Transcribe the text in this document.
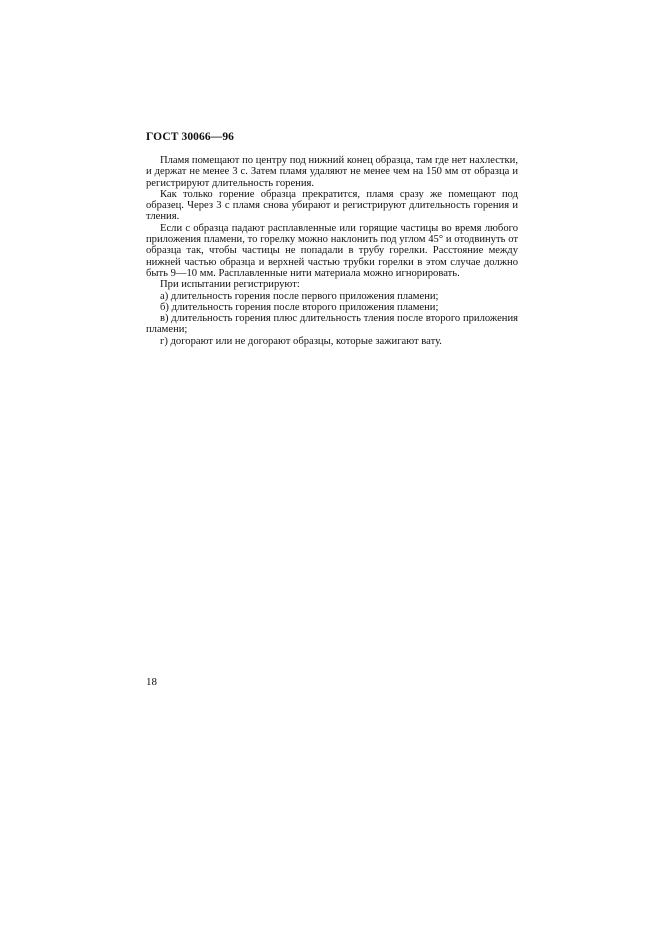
ГОСТ 30066—96

Пламя помещают по центру под нижний конец образца, там где нет нахлестки, и держат не менее 3 с. Затем пламя удаляют не менее чем на 150 мм от образца и регистрируют длительность горения.

Как только горение образца прекратится, пламя сразу же помещают под образец. Через 3 с пламя снова убирают и регистрируют длительность горения и тления.

Если с образца падают расплавленные или горящие частицы во время любого приложения пламени, то горелку можно наклонить под углом 45° и отодвинуть от образца так, чтобы частицы не попадали в трубу горелки. Расстояние между нижней частью образца и верхней частью трубки горелки в этом случае должно быть 9—10 мм. Расплавленные нити материала можно игнорировать.

При испытании регистрируют:

а) длительность горения после первого приложения пламени;

б) длительность горения после второго приложения пламени;

в) длительность горения плюс длительность тления после второго приложения пламени;

г) догорают или не догорают образцы, которые зажигают вату.

18
